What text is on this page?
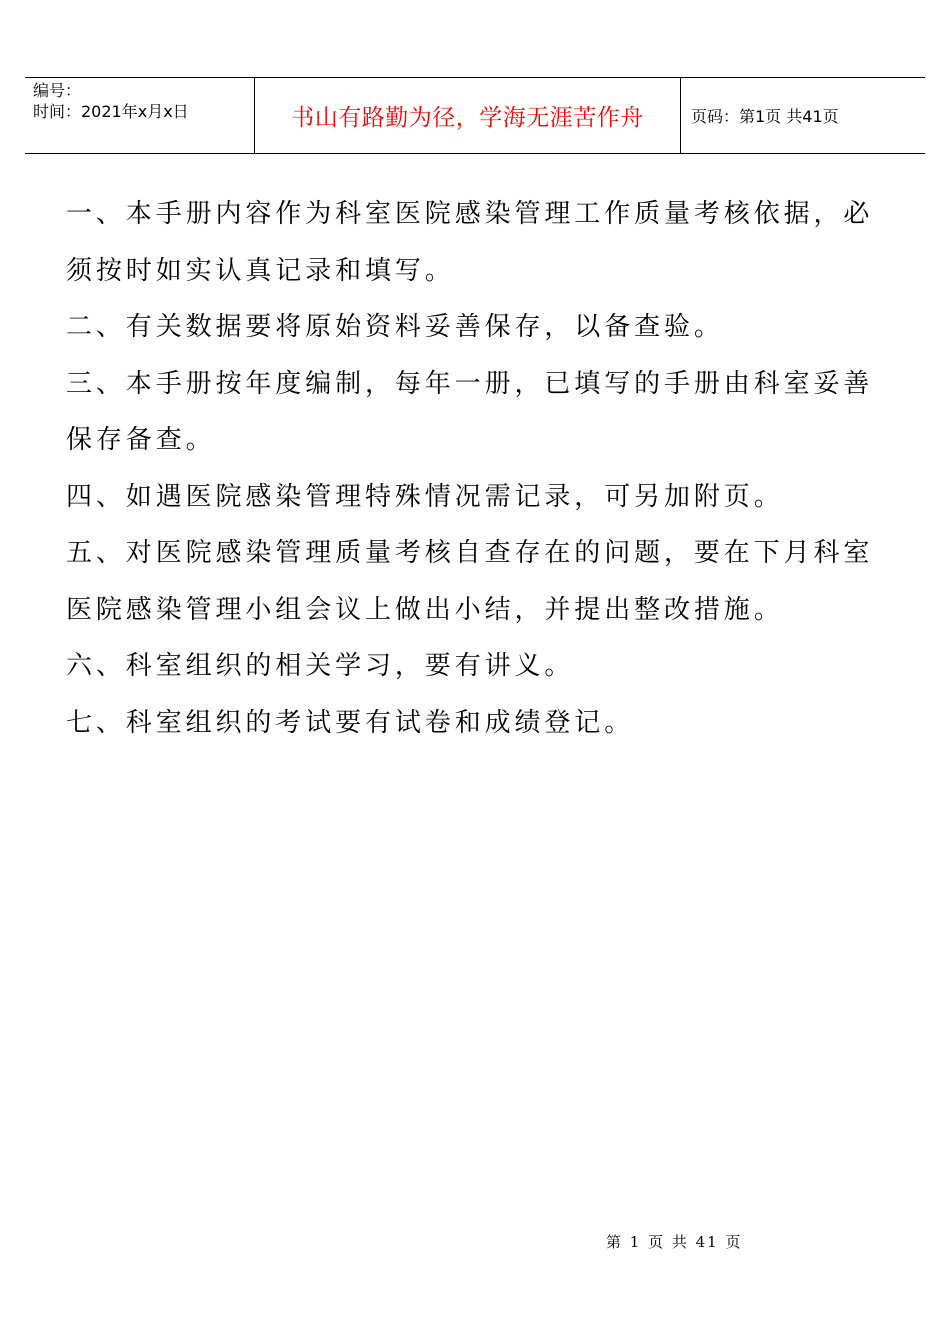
编号：
时间：2021年x月x日	书山有路勤为径，学海无涯苦作舟	页码：第1页 共41页

一、本手册内容作为科室医院感染管理工作质量考核依据，必须按时如实认真记录和填写。

二、有关数据要将原始资料妥善保存，以备查验。

三、本手册按年度编制，每年一册，已填写的手册由科室妥善保存备查。

四、如遇医院感染管理特殊情况需记录，可另加附页。

五、对医院感染管理质量考核自查存在的问题，要在下月科室医院感染管理小组会议上做出小结，并提出整改措施。

六、科室组织的相关学习，要有讲义。

七、科室组织的考试要有试卷和成绩登记。

第 1 页 共 41 页
